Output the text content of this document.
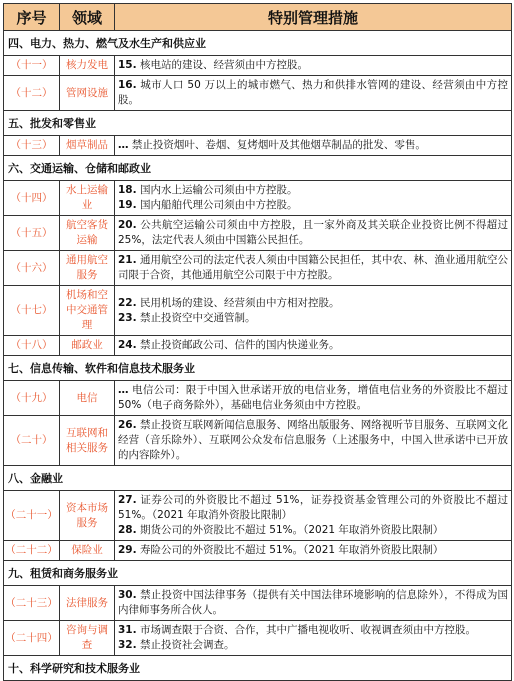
序号	领域	特别管理措施
四、电力、热力、燃气及水生产和供应业		
（十一）	核力发电	15. 核电站的建设、经营须由中方控股。

（十二）	管网设施	16. 城市人口 50 万以上的城市燃气、热力和供排水管网的建设、经营须由中方控股。

五、批发和零售业		
（十三）	烟草制品	… 禁止投资烟叶、卷烟、复烤烟叶及其他烟草制品的批发、零售。

六、交通运输、仓储和邮政业		
（十四）	水上运输业	18. 国内水上运输公司须由中方控股。
19. 国内船舶代理公司须由中方控股。

（十五）	航空客货运输	20. 公共航空运输公司须由中方控股，且一家外商及其关联企业投资比例不得超过 25%，法定代表人须由中国籍公民担任。

（十六）	通用航空服务	21. 通用航空公司的法定代表人须由中国籍公民担任，其中农、林、渔业通用航空公司限于合资，其他通用航空公司限于中方控股。

（十七）	机场和空中交通管理	22. 民用机场的建设、经营须由中方相对控股。
23. 禁止投资空中交通管制。

（十八）	邮政业	24. 禁止投资邮政公司、信件的国内快递业务。

七、信息传输、软件和信息技术服务业		
（十九）	电信	… 电信公司：限于中国入世承诺开放的电信业务，增值电信业务的外资股比不超过 50%（电子商务除外），基础电信业务须由中方控股。

（二十）	互联网和相关服务	26. 禁止投资互联网新闻信息服务、网络出版服务、网络视听节目服务、互联网文化经营（音乐除外）、互联网公众发布信息服务（上述服务中，中国入世承诺中已开放的内容除外）。

八、金融业		
（二十一）	资本市场服务	27. 证券公司的外资股比不超过 51%，证券投资基金管理公司的外资股比不超过 51%。（2021 年取消外资股比限制）
28. 期货公司的外资股比不超过 51%。（2021 年取消外资股比限制）

（二十二）	保险业	29. 寿险公司的外资股比不超过 51%。（2021 年取消外资股比限制）

九、租赁和商务服务业		
（二十三）	法律服务	30. 禁止投资中国法律事务（提供有关中国法律环境影响的信息除外），不得成为国内律师事务所合伙人。

（二十四）	咨询与调查	31. 市场调查限于合资、合作，其中广播电视收听、收视调查须由中方控股。
32. 禁止投资社会调查。

十、科学研究和技术服务业		
